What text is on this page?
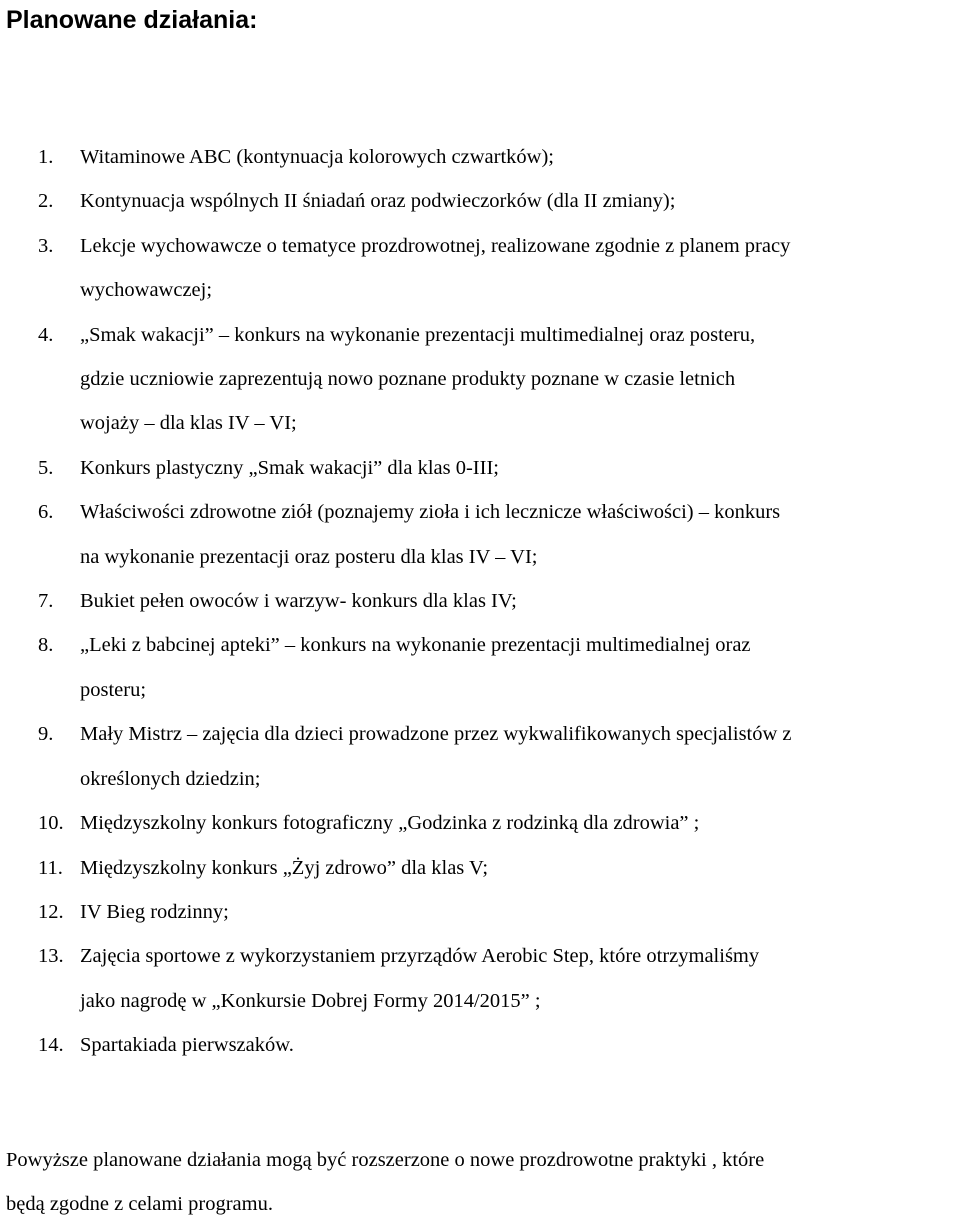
Planowane działania:
1. Witaminowe ABC (kontynuacja kolorowych czwartków);
2. Kontynuacja wspólnych II śniadań oraz podwieczorków (dla II zmiany);
3. Lekcje wychowawcze o tematyce prozdrowotnej, realizowane zgodnie z planem pracy
wychowawczej;
4. „Smak wakacji” – konkurs na wykonanie prezentacji multimedialnej oraz posteru,
gdzie uczniowie zaprezentują nowo poznane produkty poznane w czasie letnich
wojaży – dla klas IV – VI;
5. Konkurs plastyczny „Smak wakacji” dla klas 0-III;
6. Właściwości zdrowotne ziół (poznajemy zioła i ich lecznicze właściwości) – konkurs
na wykonanie prezentacji oraz posteru dla klas IV – VI;
7. Bukiet pełen owoców i warzyw- konkurs dla klas IV;
8. „Leki z babcinej apteki” – konkurs na wykonanie prezentacji multimedialnej oraz
posteru;
9. Mały Mistrz – zajęcia dla dzieci prowadzone przez wykwalifikowanych specjalistów z
określonych dziedzin;
10. Międzyszkolny konkurs fotograficzny „Godzinka z rodzinką dla zdrowia” ;
11. Międzyszkolny konkurs „Żyj zdrowo” dla klas V;
12. IV Bieg rodzinny;
13. Zajęcia sportowe z wykorzystaniem przyrządów Aerobic Step, które otrzymaliśmy
jako nagrodę w „Konkursie Dobrej Formy 2014/2015” ;
14. Spartakiada pierwszaków.

Powyższe planowane działania mogą być rozszerzone o nowe prozdrowotne praktyki , które
będą zgodne z celami programu.
